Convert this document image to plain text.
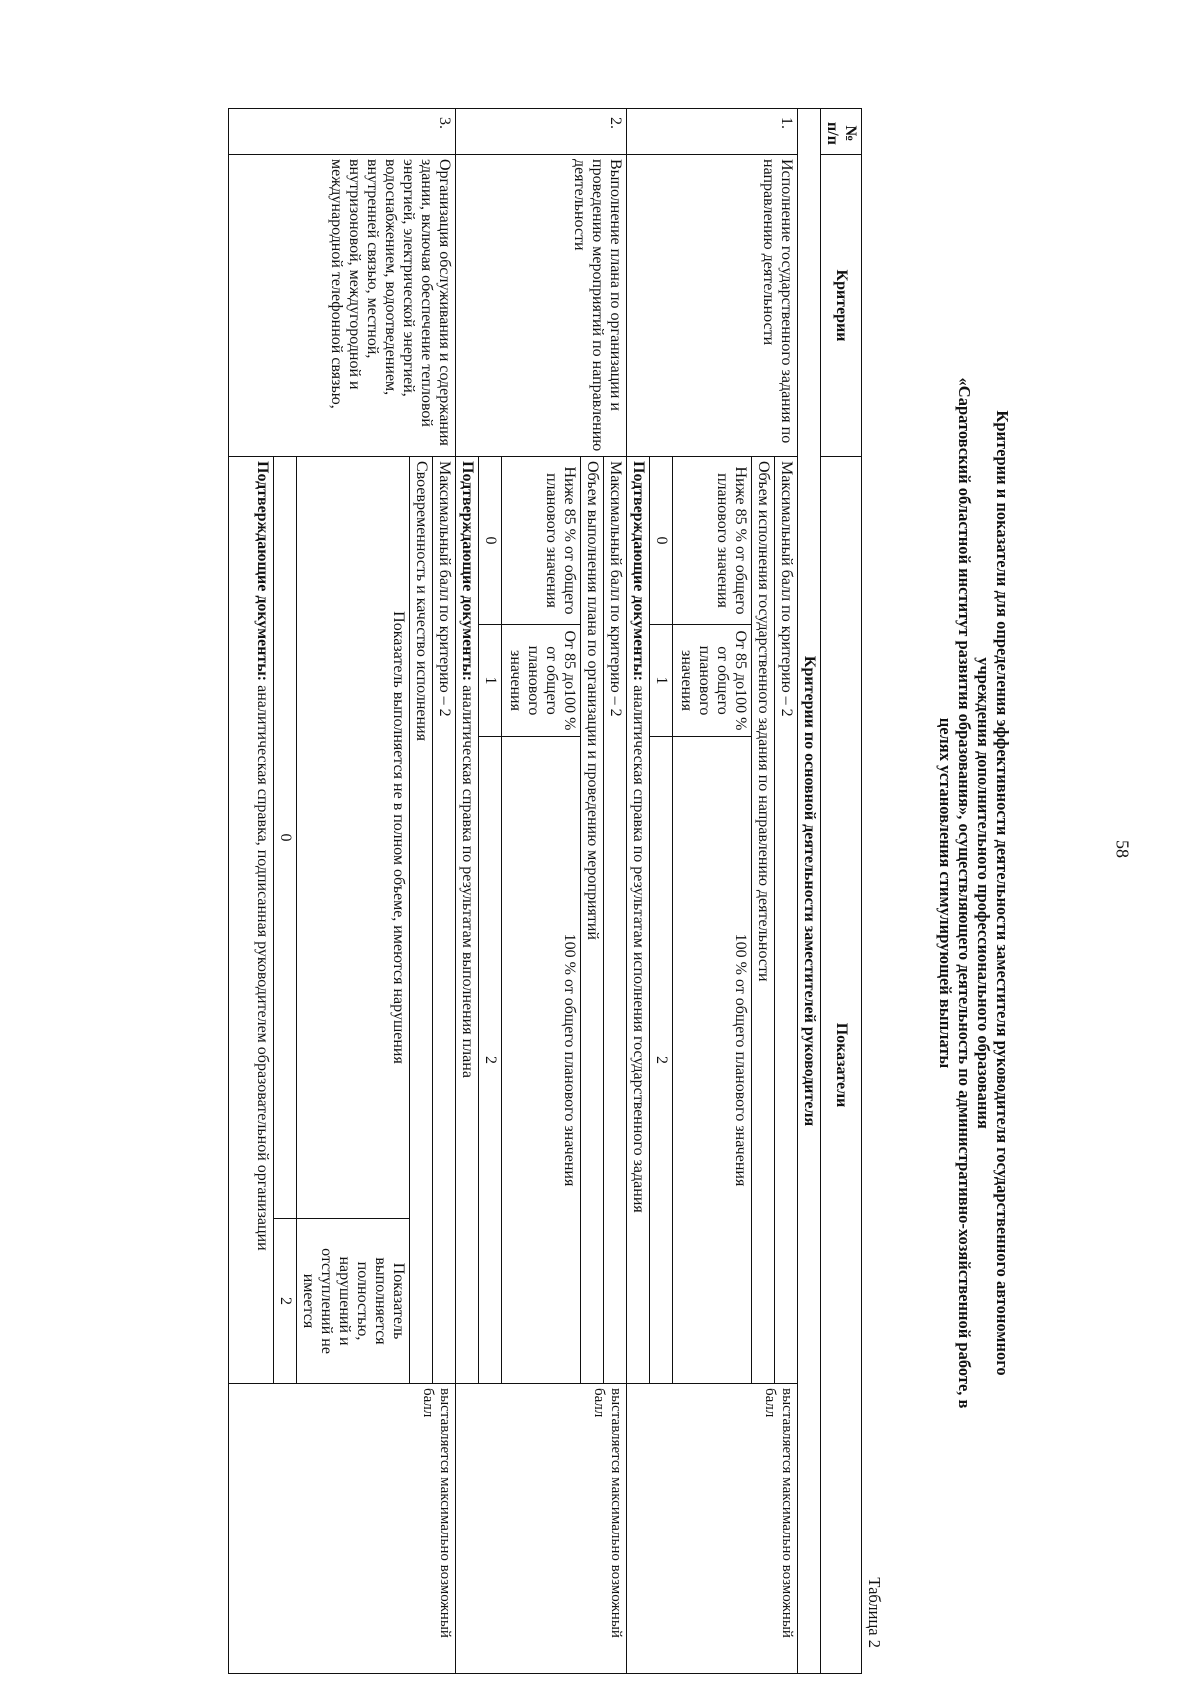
58
Критерии и показатели для определения эффективности деятельности заместителя руководителя государственного автономного
учреждения дополнительного профессионального образования
«Саратовский областной институт развития образования», осуществляющего деятельность по административно-хозяйственной работе, в
целях установления стимулирующей выплаты
Таблица 2
№ п/п	Критерии	Показатели				
Критерии по основной деятельности заместителей руководителя						
1.	Исполнение государственного задания по направлению деятельности	Максимальный балл по критерию – 2				выставляется максимально возможный балл
		Объем исполнения государственного задания по направлению деятельности				
		Ниже 85 % от общего планового значения	От 85 до100 % от общего планового значения	100 % от общего планового значения		
		0	1	2		
		Подтверждающие документы: аналитическая справка по результатам исполнения государственного задания				
2.	Выполнение плана по организации и проведению мероприятий по направлению деятельности	Максимальный балл по критерию – 2				выставляется максимально возможный балл
		Объем выполнения плана по организации и проведению мероприятий				
		Ниже 85 % от общего планового значения	От 85 до100 % от общего планового значения	100 % от общего планового значения		
		0	1	2		
		Подтверждающие документы: аналитическая справка по результатам выполнения плана				
3.	Организация обслуживания и содержания здании, включая обеспечение тепловой энергией, электрической энергией, водоснабжением, водоотведением, внутренней связью, местной, внутризоновой, междугородной и международной телефонной связью,	Максимальный балл по критерию – 2				выставляется максимально возможный балл
		Своевременность и качество исполнения				
		Показатель выполняется не в полном объеме, имеются нарушения			Показатель выполняется полностью, нарушений и отступлений не имеется	
		0			2	
		Подтверждающие документы: аналитическая справка, подписанная руководителем образовательной организации				
